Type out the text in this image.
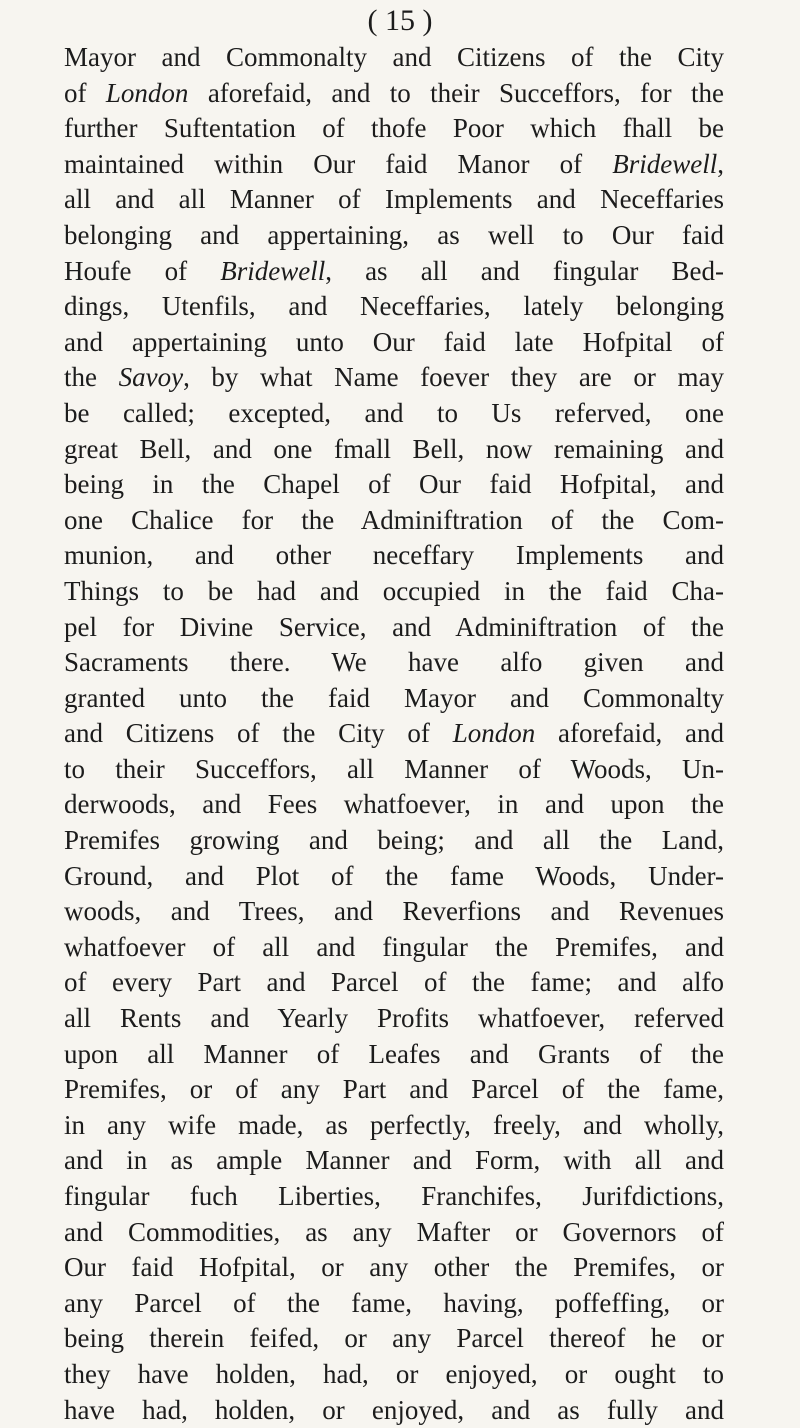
( 15 )
Mayor and Commonalty and Citizens of the City
of London aforefaid, and to their Succeffors, for the
further Suftentation of thofe Poor which fhall be
maintained within Our faid Manor of Bridewell,
all and all Manner of Implements and Neceffaries
belonging and appertaining, as well to Our faid
Houfe of Bridewell, as all and fingular Bed-
dings, Utenfils, and Neceffaries, lately belonging
and appertaining unto Our faid late Hofpital of
the Savoy, by what Name foever they are or may
be called; excepted, and to Us referved, one
great Bell, and one fmall Bell, now remaining and
being in the Chapel of Our faid Hofpital, and
one Chalice for the Adminiftration of the Com-
munion, and other neceffary Implements and
Things to be had and occupied in the faid Cha-
pel for Divine Service, and Adminiftration of the
Sacraments there. We have alfo given and
granted unto the faid Mayor and Commonalty
and Citizens of the City of London aforefaid, and
to their Succeffors, all Manner of Woods, Un-
derwoods, and Fees whatfoever, in and upon the
Premifes growing and being; and all the Land,
Ground, and Plot of the fame Woods, Under-
woods, and Trees, and Reverfions and Revenues
whatfoever of all and fingular the Premifes, and
of every Part and Parcel of the fame; and alfo
all Rents and Yearly Profits whatfoever, referved
upon all Manner of Leafes and Grants of the
Premifes, or of any Part and Parcel of the fame,
in any wife made, as perfectly, freely, and wholly,
and in as ample Manner and Form, with all and
fingular fuch Liberties, Franchifes, Jurifdictions,
and Commodities, as any Mafter or Governors of
Our faid Hofpital, or any other the Premifes, or
any Parcel of the fame, having, poffeffing, or
being therein feifed, or any Parcel thereof he or
they have holden, had, or enjoyed, or ought to
have had, holden, or enjoyed, and as fully and
